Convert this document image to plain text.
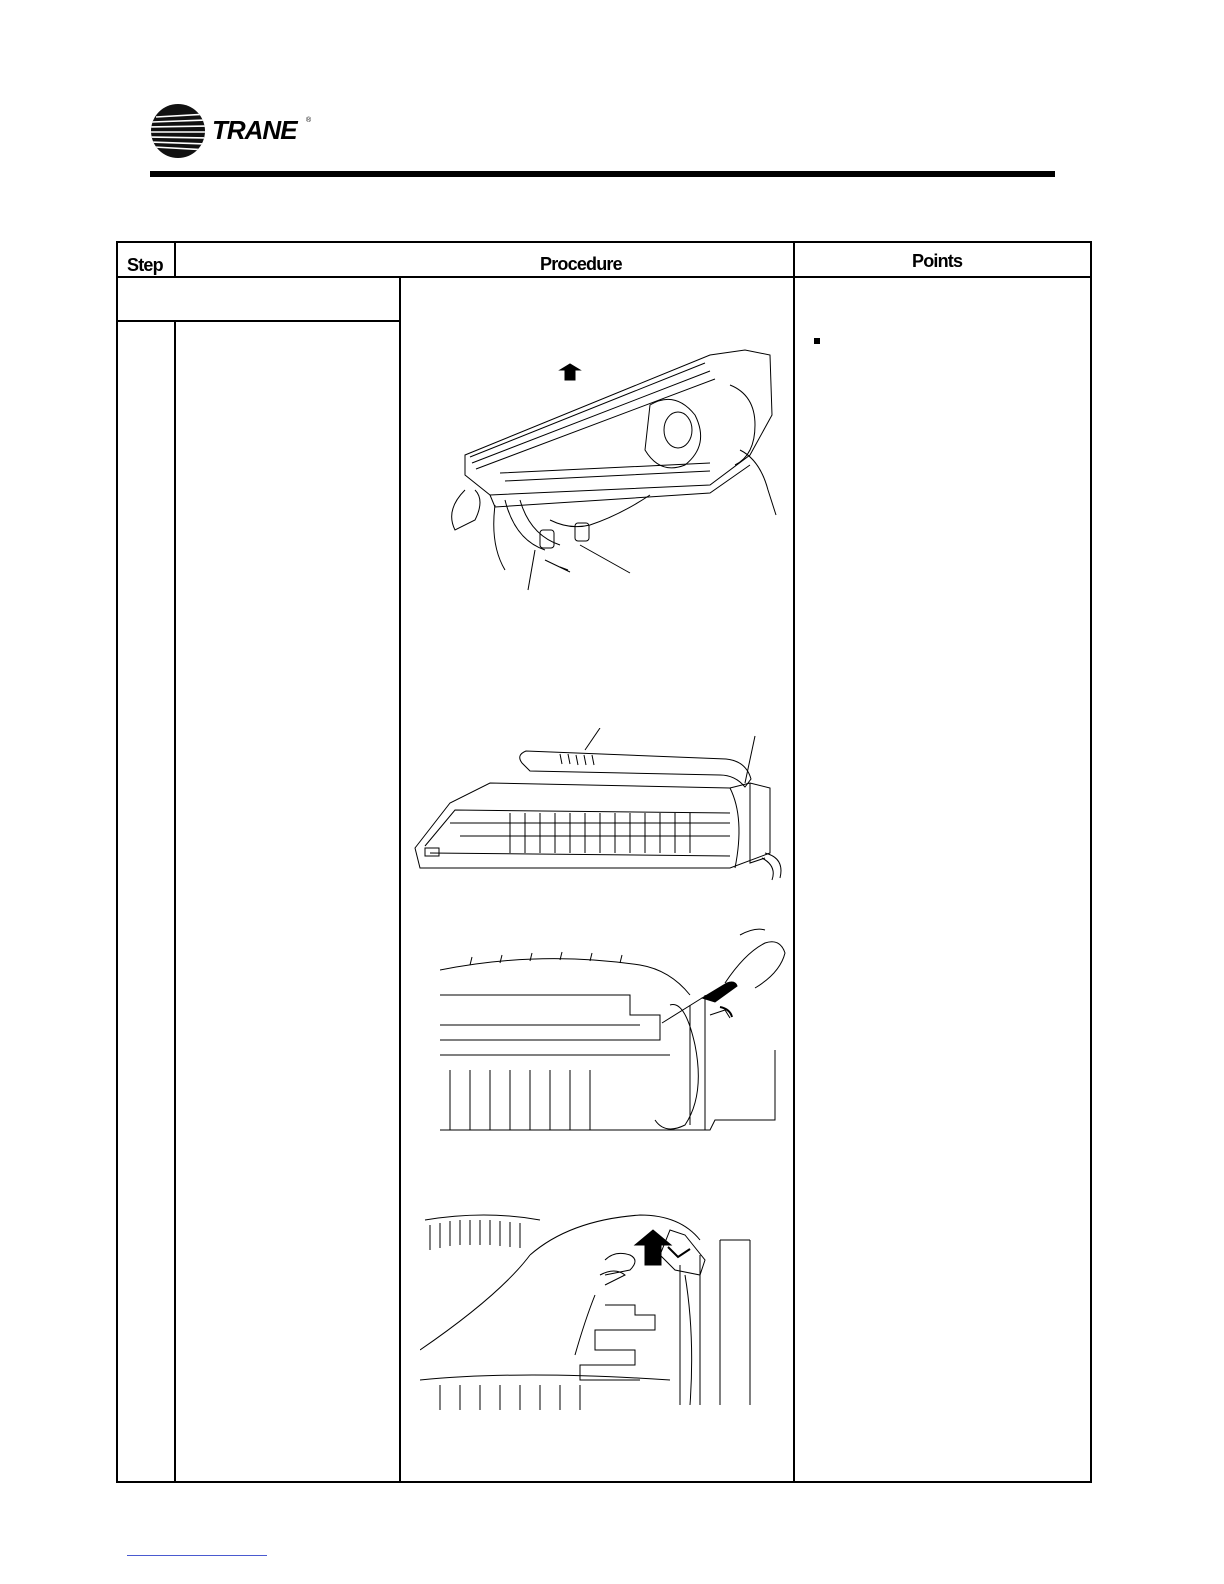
TRANE ®
Step	Procedure	Points
